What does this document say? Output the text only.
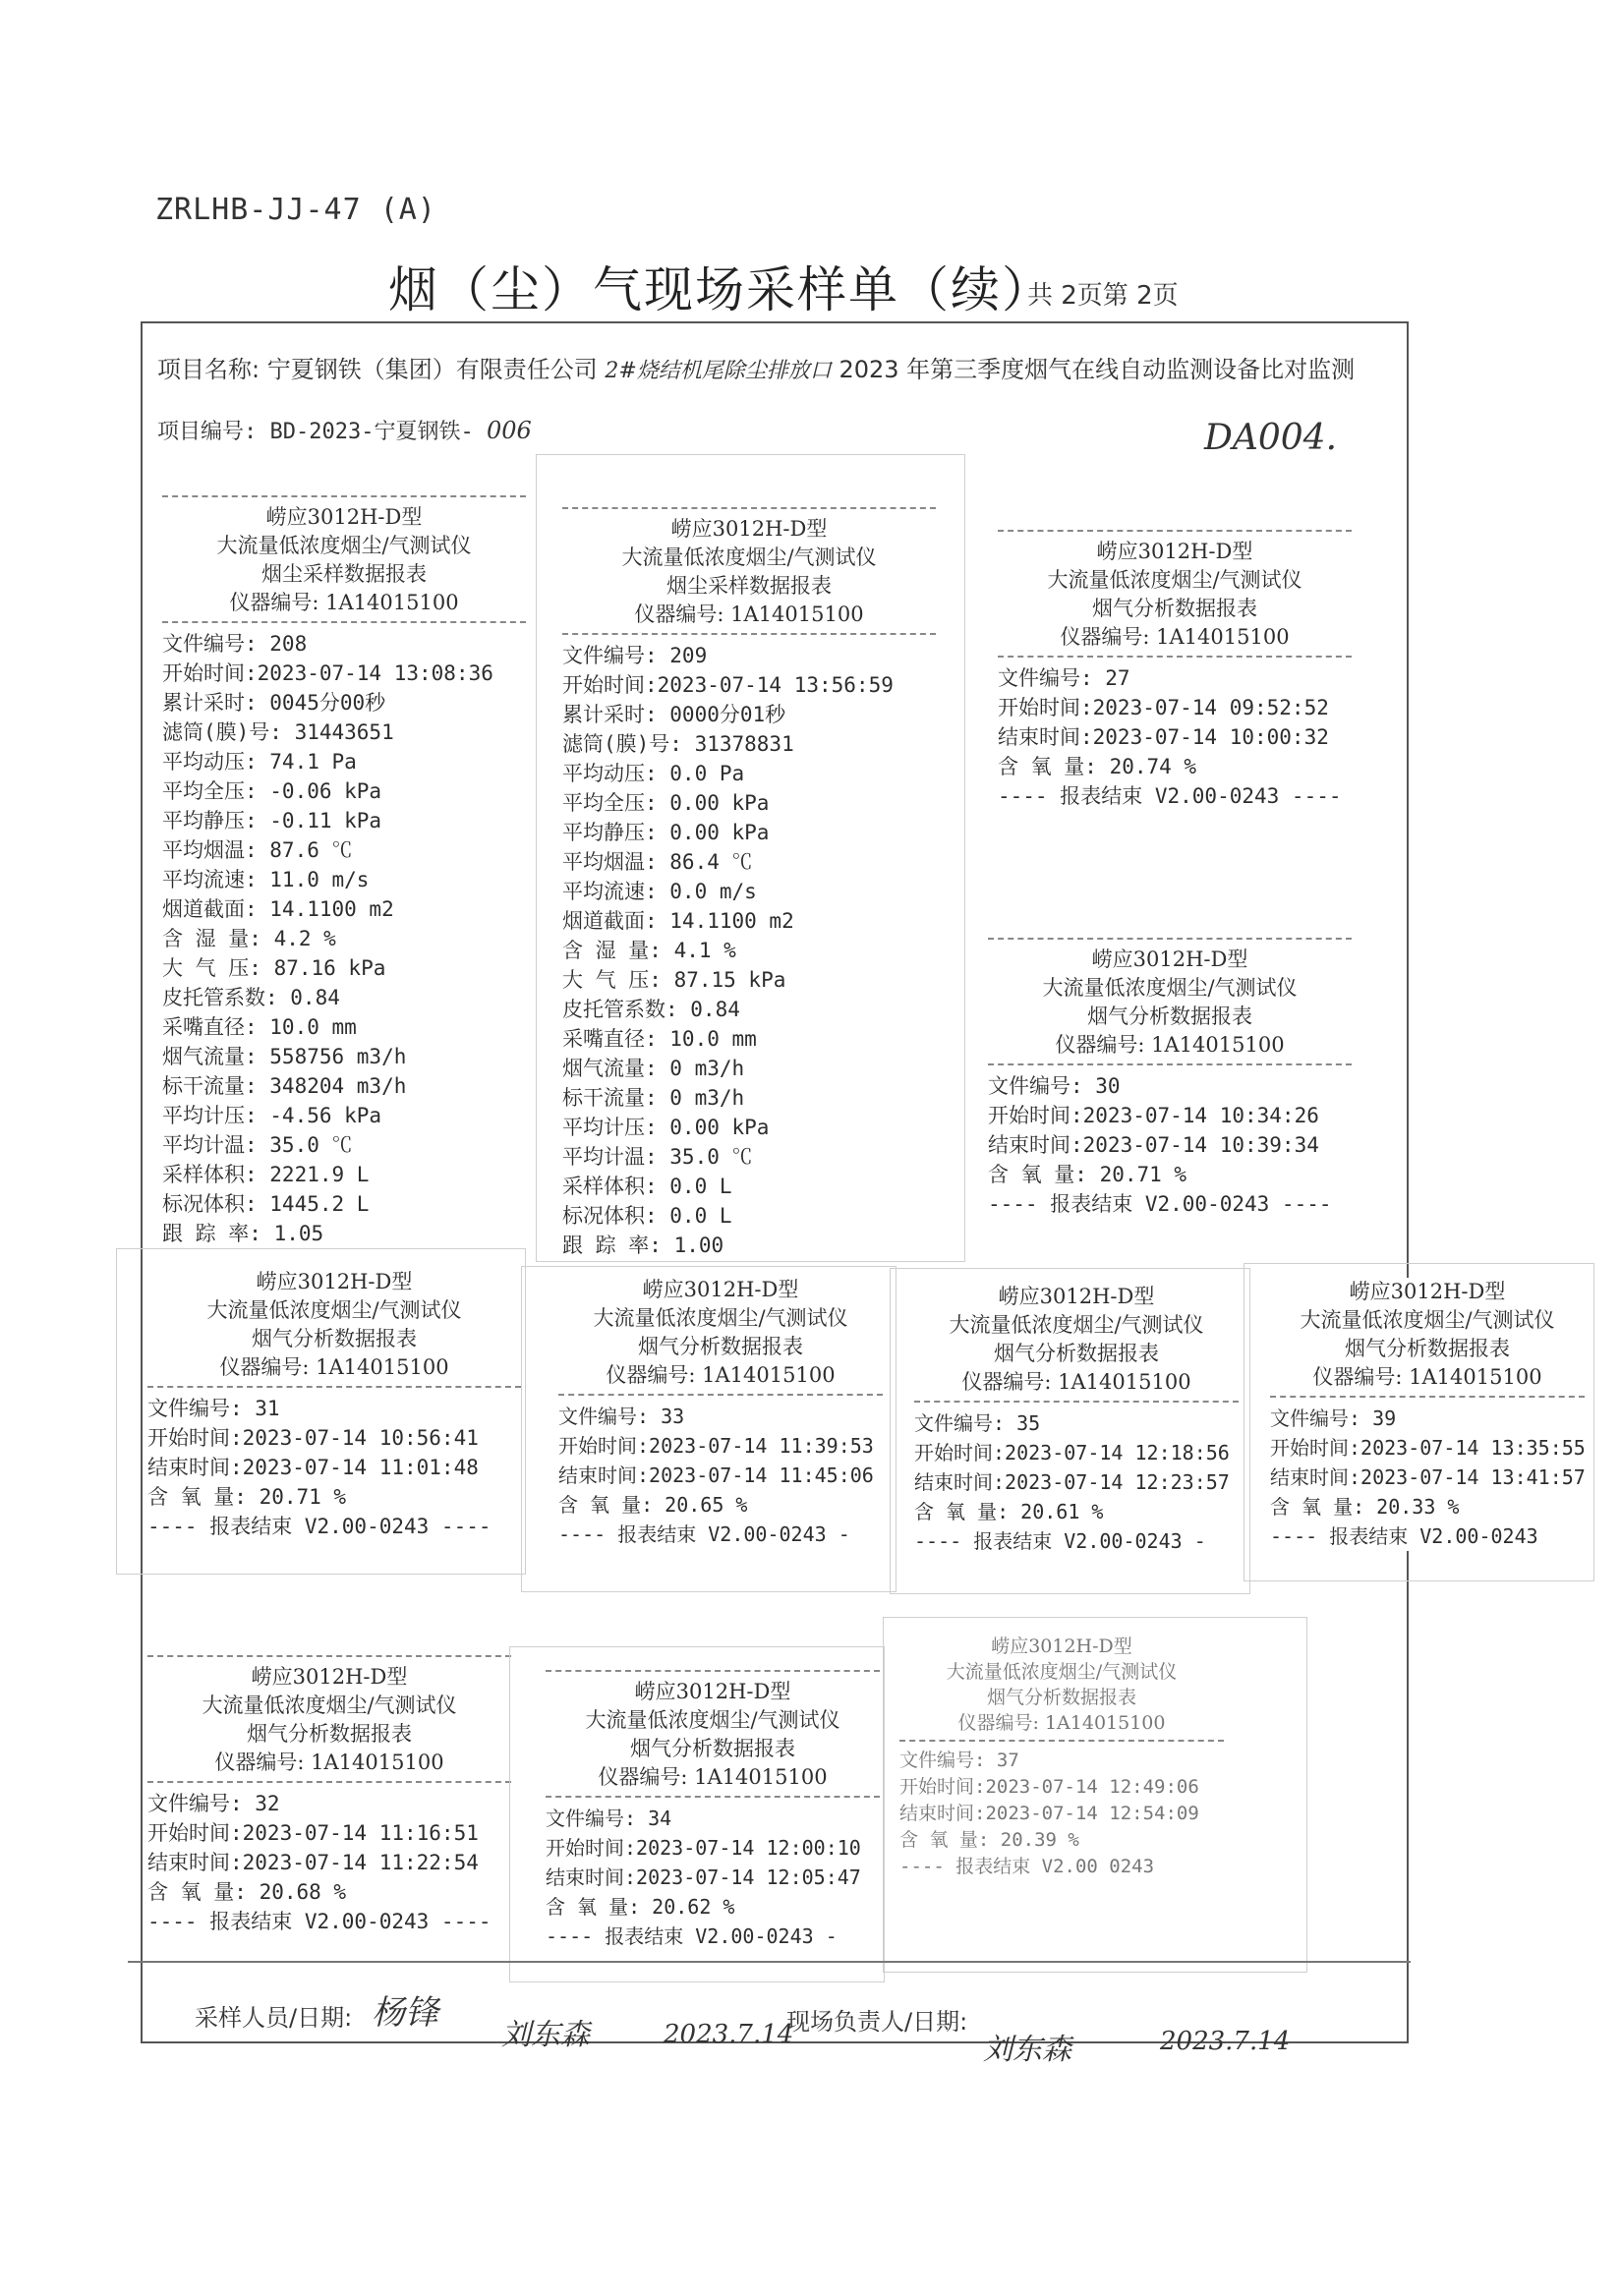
ZRLHB-JJ-47 (A)
烟（尘）气现场采样单（续）
共 2页第 2页
项目名称: 宁夏钢铁（集团）有限责任公司 2#烧结机尾除尘排放口 2023 年第三季度烟气在线自动监测设备比对监测
项目编号: BD-2023-宁夏钢铁- 006	DA004.
崂应3012H-D型
大流量低浓度烟尘/气测试仪
烟尘采样数据报表
仪器编号: 1A14015100
文件编号: 208
开始时间:2023-07-14 13:08:36
累计采时: 0045分00秒
滤筒(膜)号: 31443651
平均动压: 74.1 Pa
平均全压: -0.06 kPa
平均静压: -0.11 kPa
平均烟温: 87.6 ℃
平均流速: 11.0 m/s
烟道截面: 14.1100 m2
含 湿 量: 4.2 %
大 气 压: 87.16 kPa
皮托管系数: 0.84
采嘴直径: 10.0 mm
烟气流量: 558756 m3/h
标干流量: 348204 m3/h
平均计压: -4.56 kPa
平均计温: 35.0 ℃
采样体积: 2221.9 L
标况体积: 1445.2 L
跟 踪 率: 1.05
崂应3012H-D型
大流量低浓度烟尘/气测试仪
烟尘采样数据报表
仪器编号: 1A14015100
文件编号: 209
开始时间:2023-07-14 13:56:59
累计采时: 0000分01秒
滤筒(膜)号: 31378831
平均动压: 0.0 Pa
平均全压: 0.00 kPa
平均静压: 0.00 kPa
平均烟温: 86.4 ℃
平均流速: 0.0 m/s
烟道截面: 14.1100 m2
含 湿 量: 4.1 %
大 气 压: 87.15 kPa
皮托管系数: 0.84
采嘴直径: 10.0 mm
烟气流量: 0 m3/h
标干流量: 0 m3/h
平均计压: 0.00 kPa
平均计温: 35.0 ℃
采样体积: 0.0 L
标况体积: 0.0 L
跟 踪 率: 1.00
崂应3012H-D型
大流量低浓度烟尘/气测试仪
烟气分析数据报表
仪器编号: 1A14015100
文件编号: 27
开始时间:2023-07-14 09:52:52
结束时间:2023-07-14 10:00:32
含 氧 量: 20.74 %
---- 报表结束 V2.00-0243 ----
崂应3012H-D型
大流量低浓度烟尘/气测试仪
烟气分析数据报表
仪器编号: 1A14015100
文件编号: 30
开始时间:2023-07-14 10:34:26
结束时间:2023-07-14 10:39:34
含 氧 量: 20.71 %
---- 报表结束 V2.00-0243 ----
崂应3012H-D型
大流量低浓度烟尘/气测试仪
烟气分析数据报表
仪器编号: 1A14015100
文件编号: 31
开始时间:2023-07-14 10:56:41
结束时间:2023-07-14 11:01:48
含 氧 量: 20.71 %
---- 报表结束 V2.00-0243 ----
崂应3012H-D型
大流量低浓度烟尘/气测试仪
烟气分析数据报表
仪器编号: 1A14015100
文件编号: 33
开始时间:2023-07-14 11:39:53
结束时间:2023-07-14 11:45:06
含 氧 量: 20.65 %
---- 报表结束 V2.00-0243 -
崂应3012H-D型
大流量低浓度烟尘/气测试仪
烟气分析数据报表
仪器编号: 1A14015100
文件编号: 35
开始时间:2023-07-14 12:18:56
结束时间:2023-07-14 12:23:57
含 氧 量: 20.61 %
---- 报表结束 V2.00-0243 -
崂应3012H-D型
大流量低浓度烟尘/气测试仪
烟气分析数据报表
仪器编号: 1A14015100
文件编号: 39
开始时间:2023-07-14 13:35:55
结束时间:2023-07-14 13:41:57
含 氧 量: 20.33 %
---- 报表结束 V2.00-0243
崂应3012H-D型
大流量低浓度烟尘/气测试仪
烟气分析数据报表
仪器编号: 1A14015100
文件编号: 32
开始时间:2023-07-14 11:16:51
结束时间:2023-07-14 11:22:54
含 氧 量: 20.68 %
---- 报表结束 V2.00-0243 ----
崂应3012H-D型
大流量低浓度烟尘/气测试仪
烟气分析数据报表
仪器编号: 1A14015100
文件编号: 34
开始时间:2023-07-14 12:00:10
结束时间:2023-07-14 12:05:47
含 氧 量: 20.62 %
---- 报表结束 V2.00-0243 -
崂应3012H-D型
大流量低浓度烟尘/气测试仪
烟气分析数据报表
仪器编号: 1A14015100
文件编号: 37
开始时间:2023-07-14 12:49:06
结束时间:2023-07-14 12:54:09
含 氧 量: 20.39 %
---- 报表结束 V2.00 0243
采样人员/日期: 杨锋
刘东森	2023.7.14
现场负责人/日期:
刘东森	2023.7.14
